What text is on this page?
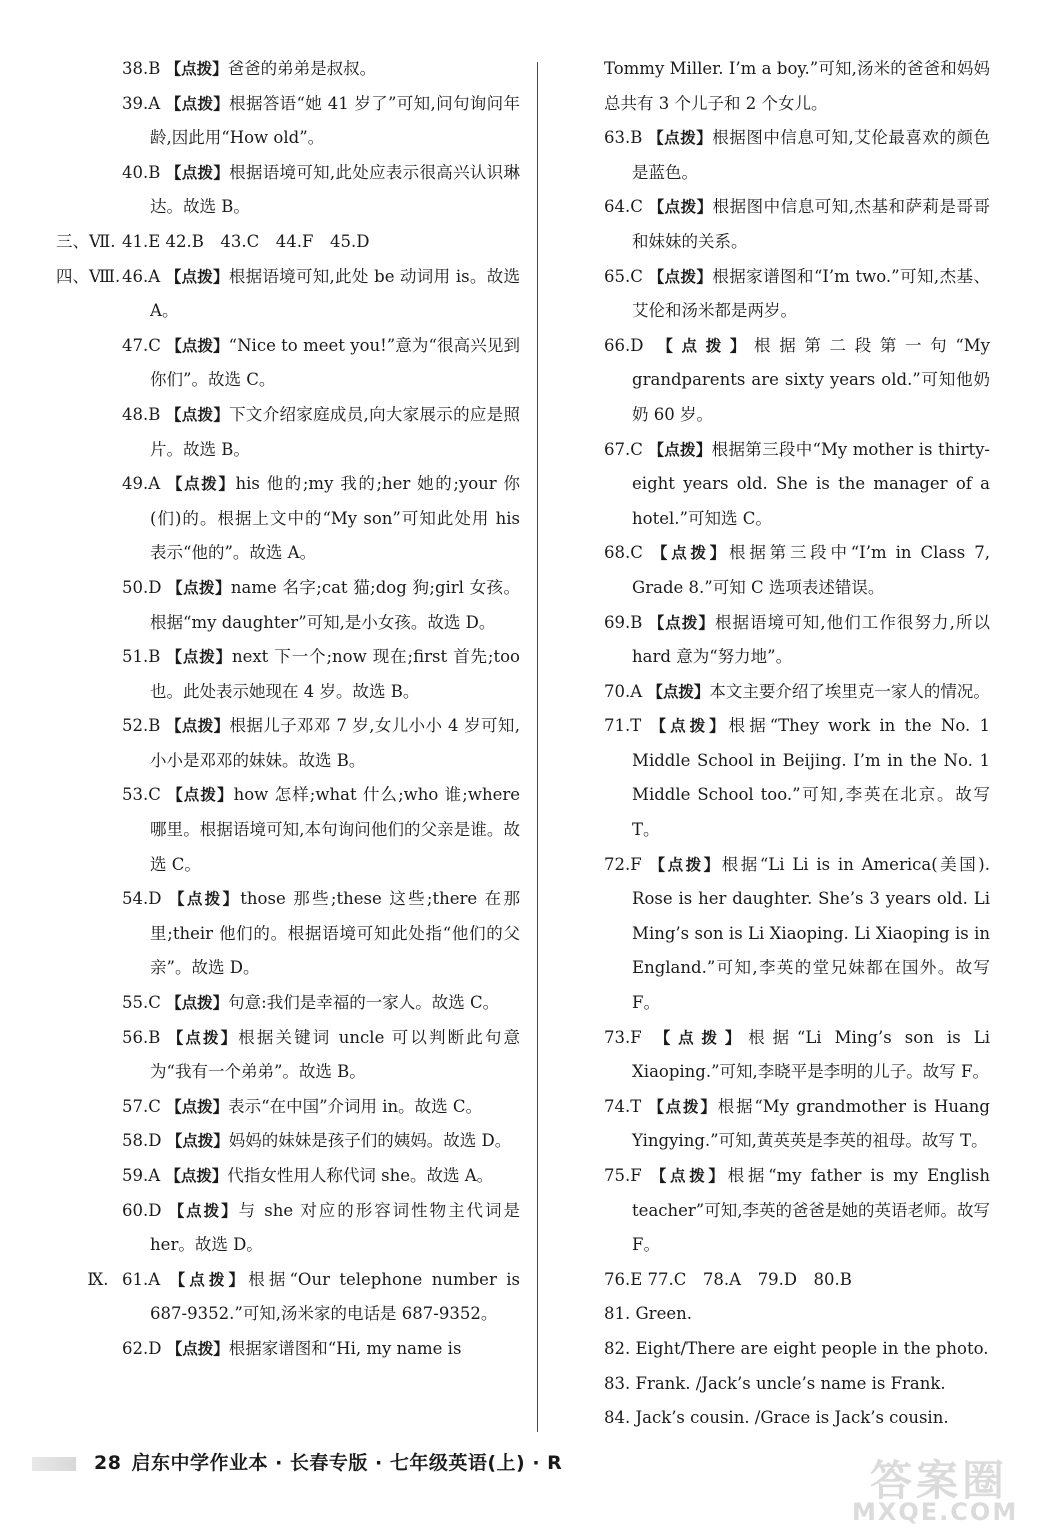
38.B 【点拨】爸爸的弟弟是叔叔。

39.A 【点拨】根据答语“她 41 岁了”可知,问句询问年龄,因此用“How old”。

40.B 【点拨】根据语境可知,此处应表示很高兴认识琳达。故选 B。

三、Ⅶ. 41.E 42.B　43.C　44.F　45.D

四、Ⅷ. 46.A 【点拨】根据语境可知,此处 be 动词用 is。故选 A。

47.C 【点拨】“Nice to meet you!”意为“很高兴见到你们”。故选 C。

48.B 【点拨】下文介绍家庭成员,向大家展示的应是照片。故选 B。

49.A 【点拨】his 他的;my 我的;her 她的;your 你(们)的。根据上文中的“My son”可知此处用 his 表示“他的”。故选 A。

50.D 【点拨】name 名字;cat 猫;dog 狗;girl 女孩。根据“my daughter”可知,是小女孩。故选 D。

51.B 【点拨】next 下一个;now 现在;first 首先;too 也。此处表示她现在 4 岁。故选 B。

52.B 【点拨】根据儿子邓邓 7 岁,女儿小小 4 岁可知,小小是邓邓的妹妹。故选 B。

53.C 【点拨】how 怎样;what 什么;who 谁;where 哪里。根据语境可知,本句询问他们的父亲是谁。故选 C。

54.D 【点拨】those 那些;these 这些;there 在那里;their 他们的。根据语境可知此处指“他们的父亲”。故选 D。

55.C 【点拨】句意:我们是幸福的一家人。故选 C。

56.B 【点拨】根据关键词 uncle 可以判断此句意为“我有一个弟弟”。故选 B。

57.C 【点拨】表示“在中国”介词用 in。故选 C。

58.D 【点拨】妈妈的妹妹是孩子们的姨妈。故选 D。

59.A 【点拨】代指女性用人称代词 she。故选 A。

60.D 【点拨】与 she 对应的形容词性物主代词是 her。故选 D。

Ⅸ. 61.A 【点拨】根据“Our telephone number is 687-9352.”可知,汤米家的电话是 687-9352。

62.D 【点拨】根据家谱图和“Hi, my name is

Tommy Miller. I’m a boy.”可知,汤米的爸爸和妈妈总共有 3 个儿子和 2 个女儿。

63.B 【点拨】根据图中信息可知,艾伦最喜欢的颜色是蓝色。

64.C 【点拨】根据图中信息可知,杰基和萨莉是哥哥和妹妹的关系。

65.C 【点拨】根据家谱图和“I’m two.”可知,杰基、艾伦和汤米都是两岁。

66.D 【点拨】根据第二段第一句“My grandparents are sixty years old.”可知他奶奶 60 岁。

67.C 【点拨】根据第三段中“My mother is thirty-eight years old. She is the manager of a hotel.”可知选 C。

68.C 【点拨】根据第三段中“I’m in Class 7, Grade 8.”可知 C 选项表述错误。

69.B 【点拨】根据语境可知,他们工作很努力,所以 hard 意为“努力地”。

70.A 【点拨】本文主要介绍了埃里克一家人的情况。

71.T 【点拨】根据“They work in the No. 1 Middle School in Beijing. I’m in the No. 1 Middle School too.”可知,李英在北京。故写 T。

72.F 【点拨】根据“Li Li is in America(美国). Rose is her daughter. She’s 3 years old. Li Ming’s son is Li Xiaoping. Li Xiaoping is in England.”可知,李英的堂兄妹都在国外。故写 F。

73.F 【点拨】根据“Li Ming’s son is Li Xiaoping.”可知,李晓平是李明的儿子。故写 F。

74.T 【点拨】根据“My grandmother is Huang Yingying.”可知,黄英英是李英的祖母。故写 T。

75.F 【点拨】根据“my father is my English teacher”可知,李英的爸爸是她的英语老师。故写 F。

76.E 77.C　78.A　79.D　80.B

81. Green.

82. Eight/There are eight people in the photo.

83. Frank. /Jack’s uncle’s name is Frank.

84. Jack’s cousin. /Grace is Jack’s cousin.

28 启东中学作业本 · 长春专版 · 七年级英语(上) · R	答案圈
MXQE.COM
